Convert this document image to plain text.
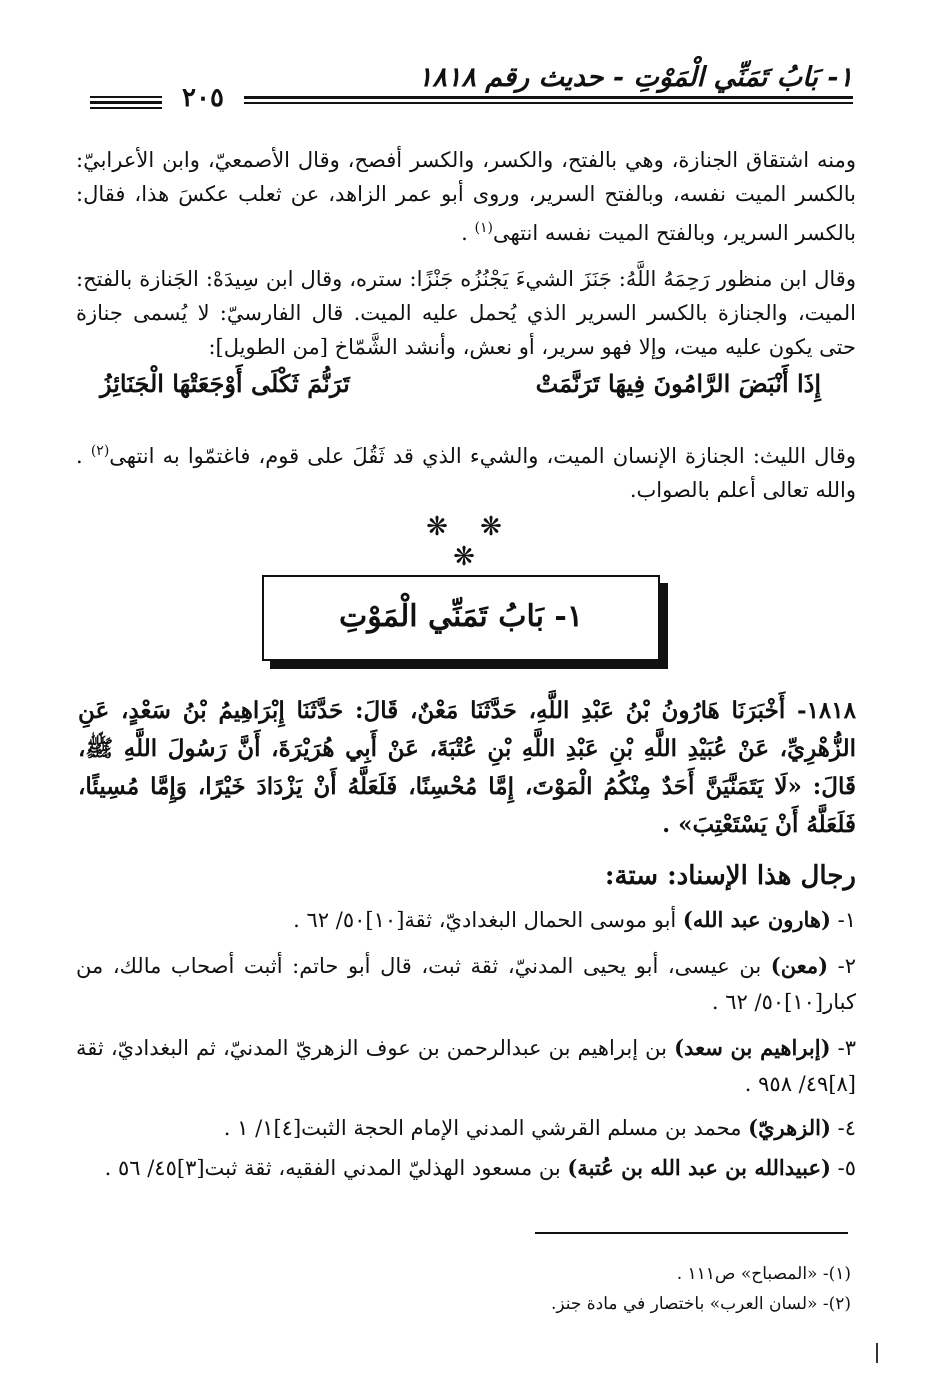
١- بَابُ تَمَنِّي الْمَوْتِ - حديث رقم ١٨١٨
٢٠٥
ومنه اشتقاق الجنازة، وهي بالفتح، والكسر، والكسر أفصح، وقال الأصمعيّ، وابن الأعرابيّ: بالكسر الميت نفسه، وبالفتح السرير، وروى أبو عمر الزاهد، عن ثعلب عكسَ هذا، فقال: بالكسر السرير، وبالفتح الميت نفسه انتهى$^{(١)}$ .
وقال ابن منظور رَحِمَهُ اللَّهُ: جَنَزَ الشيءَ يَجْنُزُه جَنْزًا: ستره، وقال ابن سِيدَهْ: الجَنازة بالفتح: الميت، والجنازة بالكسر السرير الذي يُحمل عليه الميت. قال الفارسيّ: لا يُسمى جنازة حتى يكون عليه ميت، وإلا فهو سرير، أو نعش، وأنشد الشَّمّاخ [من الطويل]:
إِذَا أَنْبَضَ الرَّامُونَ فِيهَا تَرَنَّمَتْ
تَرَنُّمَ ثَكْلَى أَوْجَعَتْهَا الْجَنَائِزُ
وقال الليث: الجنازة الإنسان الميت، والشيء الذي قد ثَقُلَ على قوم، فاغتمّوا به انتهى$^{(٢)}$ . والله تعالى أعلم بالصواب.
❋ ❋ ❋
١- بَابُ تَمَنِّي الْمَوْتِ
١٨١٨- أَخْبَرَنَا هَارُونُ بْنُ عَبْدِ اللَّهِ، حَدَّثَنَا مَعْنٌ، قَالَ: حَدَّثَنَا إِبْرَاهِيمُ بْنُ سَعْدٍ، عَنِ الزُّهْرِيِّ، عَنْ عُبَيْدِ اللَّهِ بْنِ عَبْدِ اللَّهِ بْنِ عُتْبَةَ، عَنْ أَبِي هُرَيْرَةَ، أَنَّ رَسُولَ اللَّهِ ﷺ، قَالَ: «لَا يَتَمَنَّيَنَّ أَحَدٌ مِنْكُمُ الْمَوْتَ، إِمَّا مُحْسِنًا، فَلَعَلَّهُ أَنْ يَزْدَادَ خَيْرًا، وَإِمَّا مُسِيئًا، فَلَعَلَّهُ أَنْ يَسْتَعْتِبَ» .
رجال هذا الإسناد: ستة:
١- (هارون عبد الله) أبو موسى الحمال البغداديّ، ثقة[١٠]٥٠/ ٦٢ .
٢- (معن) بن عيسى، أبو يحيى المدنيّ، ثقة ثبت، قال أبو حاتم: أثبت أصحاب مالك، من كبار[١٠]٥٠/ ٦٢ .
٣- (إبراهيم بن سعد) بن إبراهيم بن عبدالرحمن بن عوف الزهريّ المدنيّ، ثم البغداديّ، ثقة [٨]٤٩/ ٩٥٨ .
٤- (الزهريّ) محمد بن مسلم القرشي المدني الإمام الحجة الثبت[٤]١/ ١ .
٥- (عبيدالله بن عبد الله بن عُتبة) بن مسعود الهذليّ المدني الفقيه، ثقة ثبت[٣]٤٥/ ٥٦ .
(١)- «المصباح» ص١١١ .
(٢)- «لسان العرب» باختصار في مادة جنز.
